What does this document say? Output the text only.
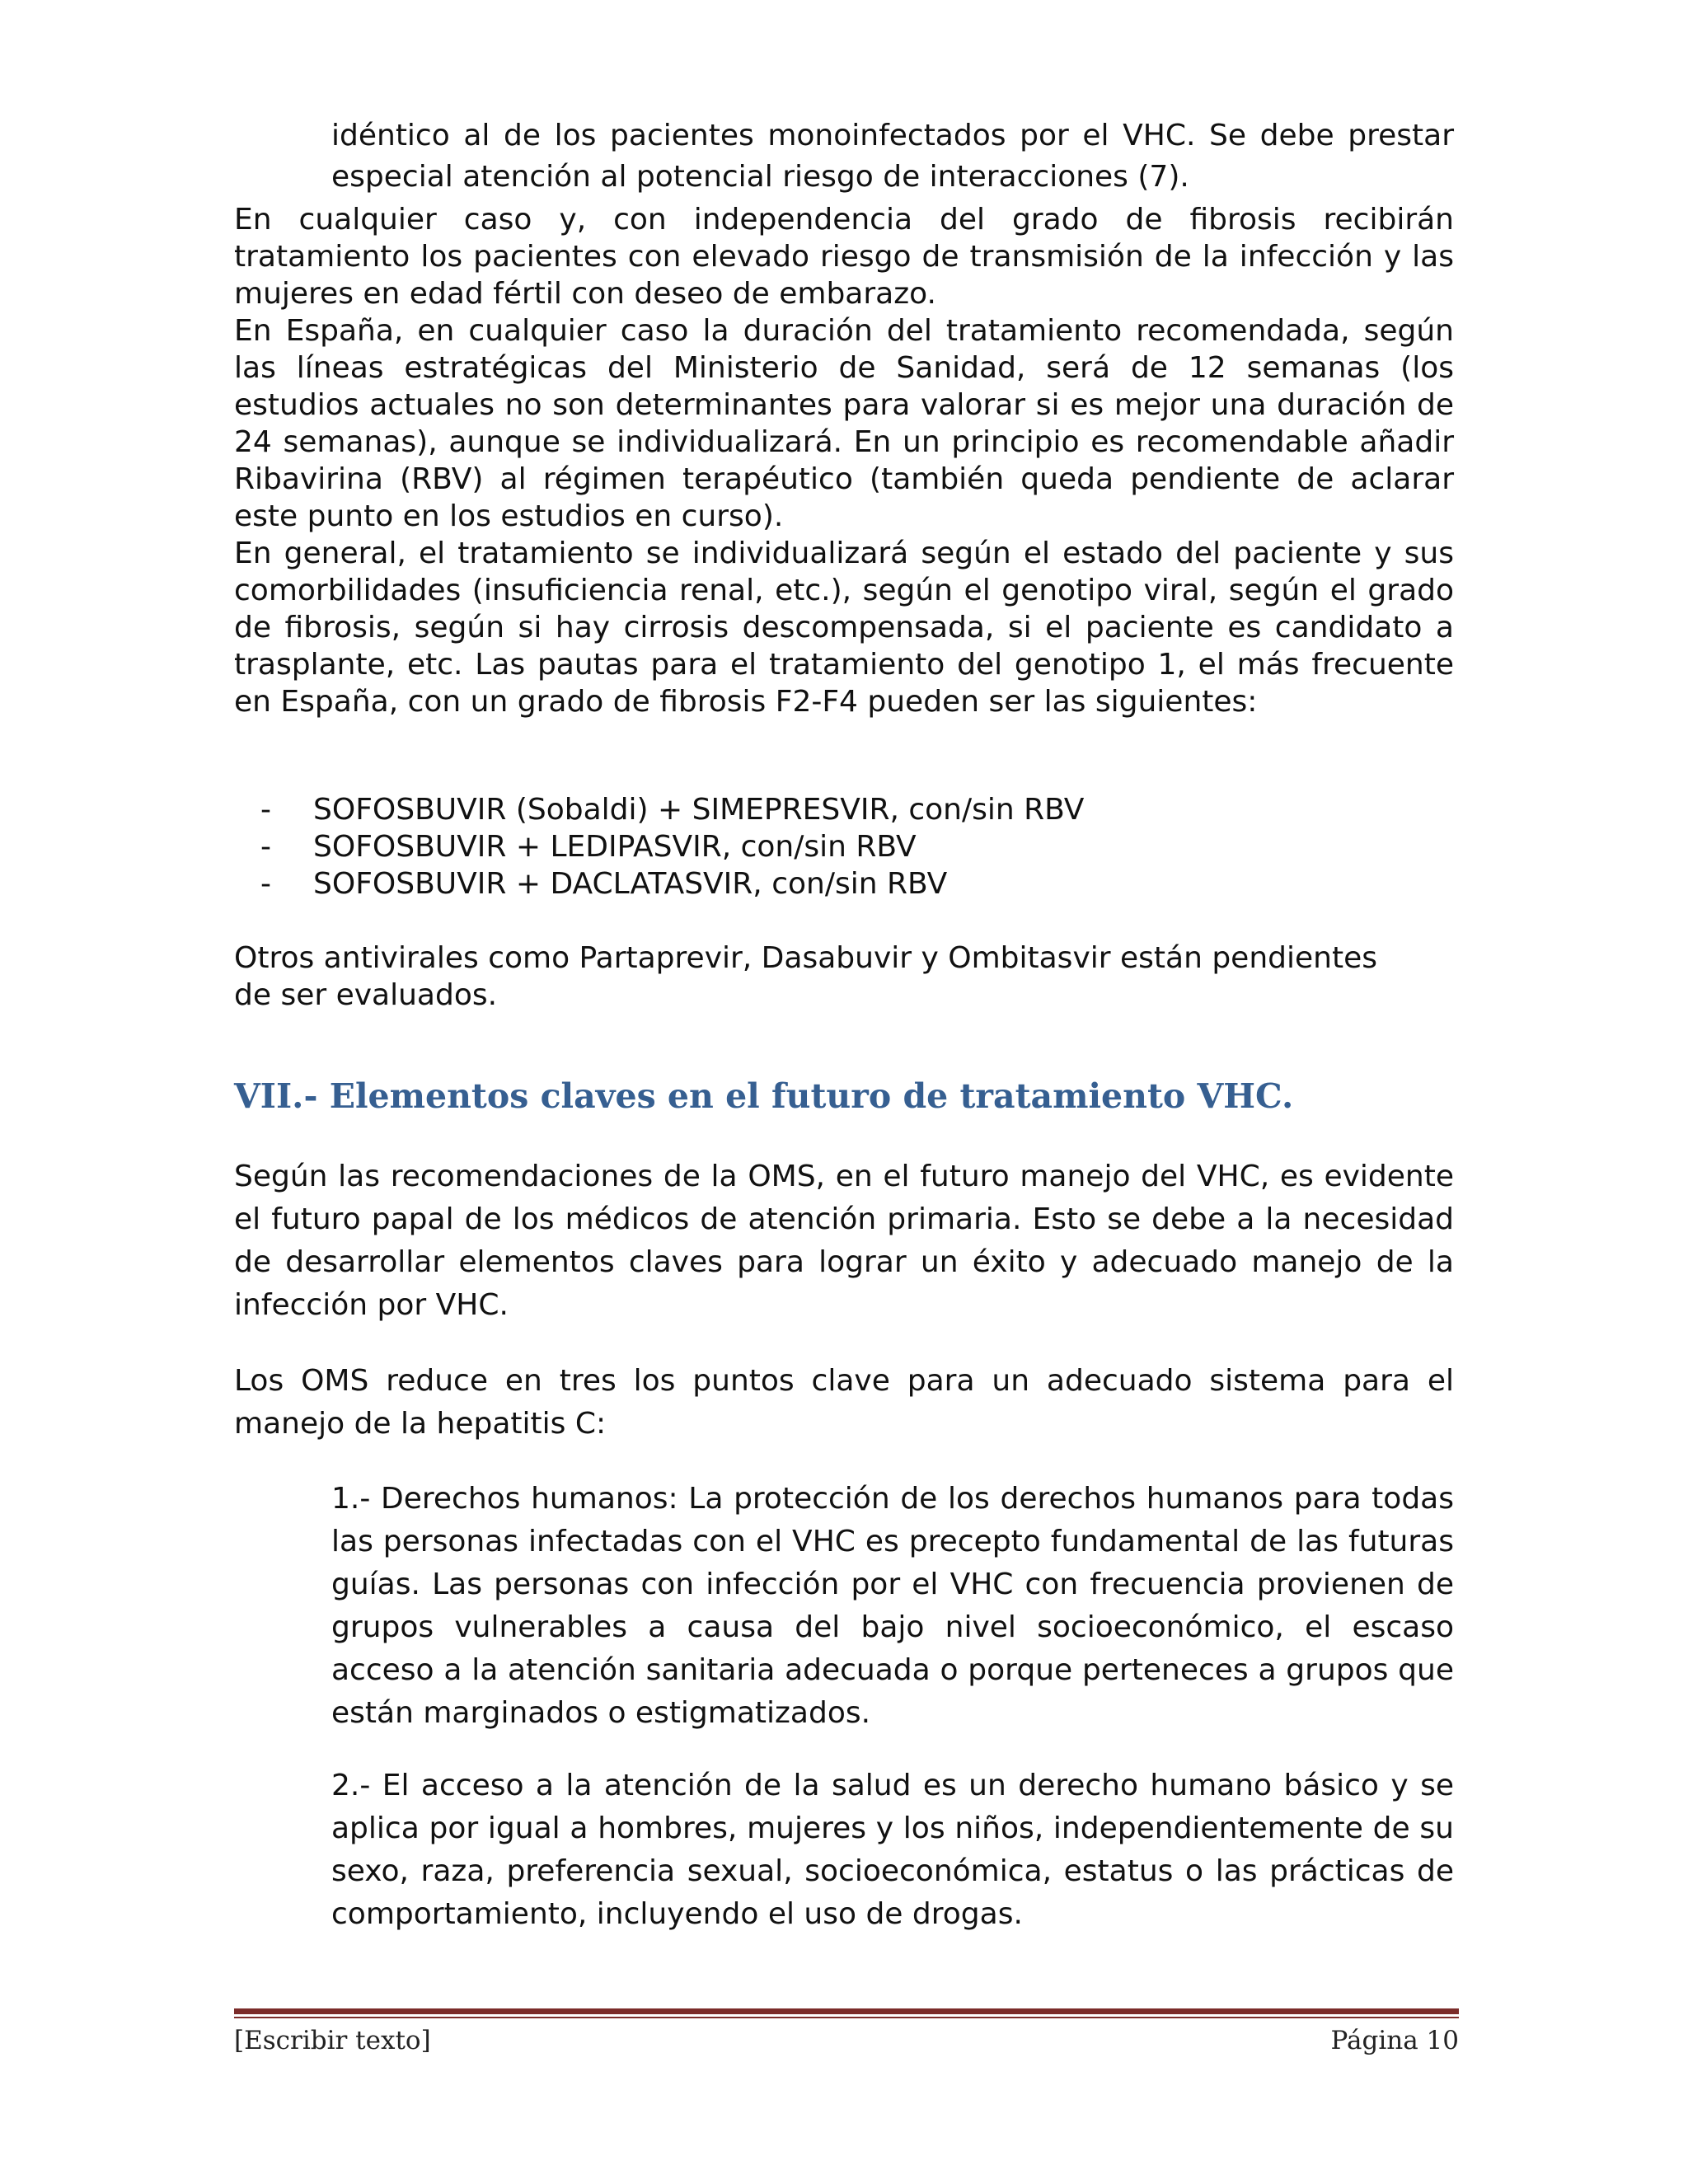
idéntico al de los pacientes monoinfectados por el VHC. Se debe prestar especial atención al potencial riesgo de interacciones (7).

En cualquier caso y, con independencia del grado de fibrosis recibirán tratamiento los pacientes con elevado riesgo de transmisión de la infección y las mujeres en edad fértil con deseo de embarazo.

En España, en cualquier caso la duración del tratamiento recomendada, según las líneas estratégicas del Ministerio de Sanidad, será de 12 semanas (los estudios actuales no son determinantes para valorar si es mejor una duración de 24 semanas), aunque se individualizará. En un principio es recomendable añadir Ribavirina (RBV) al régimen terapéutico (también queda pendiente de aclarar este punto en los estudios en curso).

En general, el tratamiento se individualizará según el estado del paciente y sus comorbilidades (insuficiencia renal, etc.), según el genotipo viral, según el grado de fibrosis, según si hay cirrosis descompensada, si el paciente es candidato a trasplante, etc. Las pautas para el tratamiento del genotipo 1, el más frecuente en España, con un grado de fibrosis F2-F4 pueden ser las siguientes:

- SOFOSBUVIR (Sobaldi) + SIMEPRESVIR, con/sin RBV
- SOFOSBUVIR + LEDIPASVIR, con/sin RBV
- SOFOSBUVIR + DACLATASVIR, con/sin RBV

Otros antivirales como Partaprevir, Dasabuvir y Ombitasvir están pendientes de ser evaluados.

VII.- Elementos claves en el futuro de tratamiento VHC.

Según las recomendaciones de la OMS, en el futuro manejo del VHC, es evidente el futuro papal de los médicos de atención primaria. Esto se debe a la necesidad de desarrollar elementos claves para lograr un éxito y adecuado manejo de la infección por VHC.

Los OMS reduce en tres los puntos clave para un adecuado sistema para el manejo de la hepatitis C:

1.- Derechos humanos: La protección de los derechos humanos para todas las personas infectadas con el VHC es precepto fundamental de las futuras guías. Las personas con infección por el VHC con frecuencia provienen de grupos vulnerables a causa del bajo nivel socioeconómico, el escaso acceso a la atención sanitaria adecuada o porque perteneces a grupos que están marginados o estigmatizados.

2.- El acceso a la atención de la salud es un derecho humano básico y se aplica por igual a hombres, mujeres y los niños, independientemente de su sexo, raza, preferencia sexual, socioeconómica, estatus o las prácticas de comportamiento, incluyendo el uso de drogas.

[Escribir texto]	Página 10
